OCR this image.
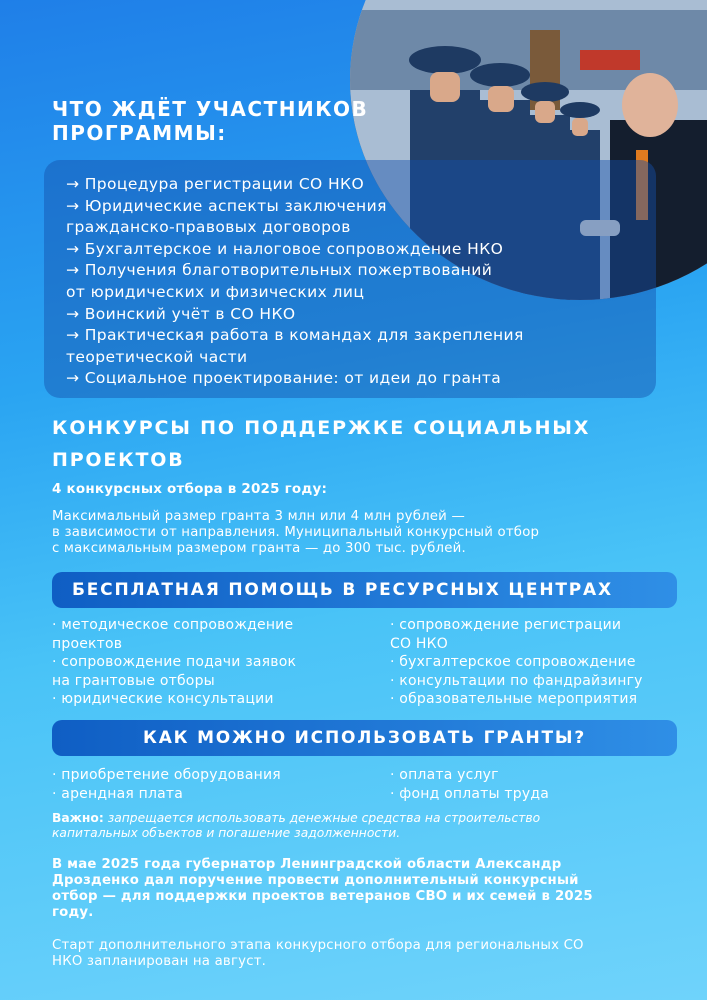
ЧТО ЖДЁТ УЧАСТНИКОВ
ПРОГРАММЫ:
→ Процедура регистрации СО НКО
→ Юридические аспекты заключения
гражданско-правовых договоров
→ Бухгалтерское и налоговое сопровождение НКО
→ Получения благотворительных пожертвований
от юридических и физических лиц
→ Воинский учёт в СО НКО
→ Практическая работа в командах для закрепления
теоретической части
→ Социальное проектирование: от идеи до гранта
КОНКУРСЫ ПО ПОДДЕРЖКЕ СОЦИАЛЬНЫХ
ПРОЕКТОВ
4 конкурсных отбора в 2025 году:
Максимальный размер гранта 3 млн или 4 млн рублей —
в зависимости от направления. Муниципальный конкурсный отбор
с максимальным размером гранта — до 300 тыс. рублей.
БЕСПЛАТНАЯ ПОМОЩЬ В РЕСУРСНЫХ ЦЕНТРАХ
· методическое сопровождение
проектов
· сопровождение подачи заявок
на грантовые отборы
· юридические консультации
· сопровождение регистрации
СО НКО
· бухгалтерское сопровождение
· консультации по фандрайзингу
· образовательные мероприятия
КАК МОЖНО ИСПОЛЬЗОВАТЬ ГРАНТЫ?
· приобретение оборудования
· арендная плата
· оплата услуг
· фонд оплаты труда
Важно: запрещается использовать денежные средства на строительство
капитальных объектов и погашение задолженности.
В мае 2025 года губернатор Ленинградской области Александр
Дрозденко дал поручение провести дополнительный конкурсный
отбор — для поддержки проектов ветеранов СВО и их семей в 2025
году.
Старт дополнительного этапа конкурсного отбора для региональных СО
НКО запланирован на август.
